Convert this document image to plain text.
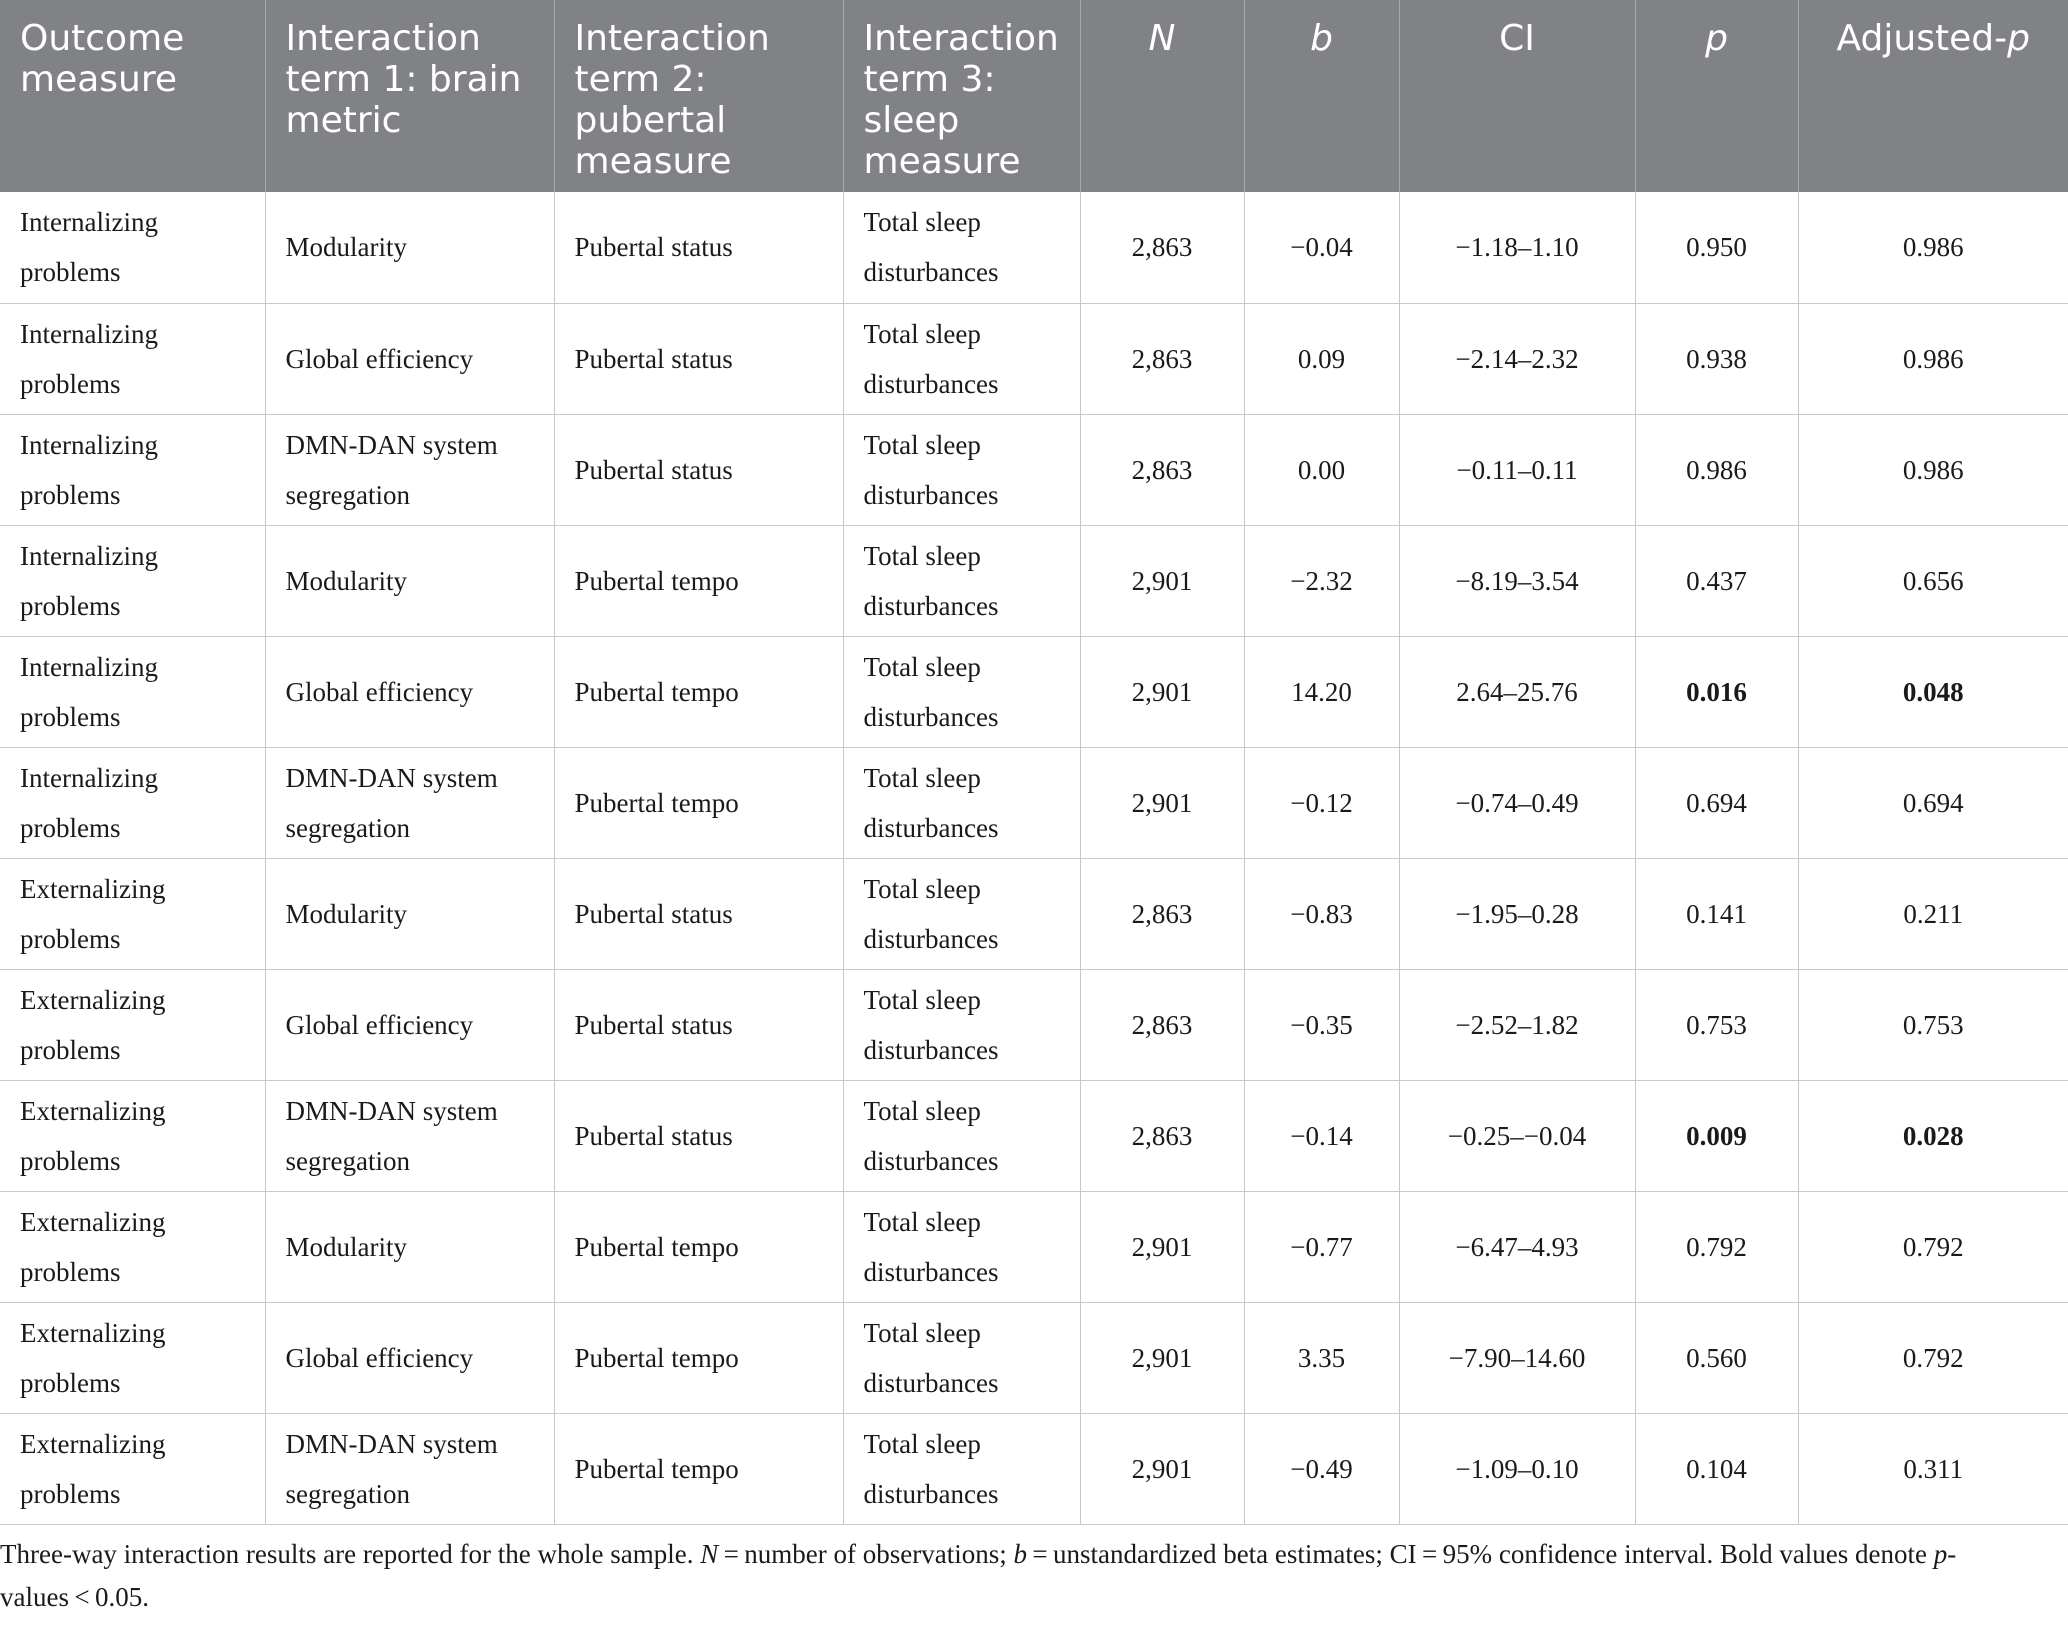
Outcome measure	Interaction term 1: brain metric	Interaction term 2: pubertal measure	Interaction term 3: sleep measure	N	b	CI	p	Adjusted-p
Internalizing problems	Modularity	Pubertal status	Total sleep disturbances	2,863	−0.04	−1.18–1.10	0.950	0.986
Internalizing problems	Global efficiency	Pubertal status	Total sleep disturbances	2,863	0.09	−2.14–2.32	0.938	0.986
Internalizing problems	DMN-DAN system segregation	Pubertal status	Total sleep disturbances	2,863	0.00	−0.11–0.11	0.986	0.986
Internalizing problems	Modularity	Pubertal tempo	Total sleep disturbances	2,901	−2.32	−8.19–3.54	0.437	0.656
Internalizing problems	Global efficiency	Pubertal tempo	Total sleep disturbances	2,901	14.20	2.64–25.76	0.016	0.048
Internalizing problems	DMN-DAN system segregation	Pubertal tempo	Total sleep disturbances	2,901	−0.12	−0.74–0.49	0.694	0.694
Externalizing problems	Modularity	Pubertal status	Total sleep disturbances	2,863	−0.83	−1.95–0.28	0.141	0.211
Externalizing problems	Global efficiency	Pubertal status	Total sleep disturbances	2,863	−0.35	−2.52–1.82	0.753	0.753
Externalizing problems	DMN-DAN system segregation	Pubertal status	Total sleep disturbances	2,863	−0.14	−0.25–−0.04	0.009	0.028
Externalizing problems	Modularity	Pubertal tempo	Total sleep disturbances	2,901	−0.77	−6.47–4.93	0.792	0.792
Externalizing problems	Global efficiency	Pubertal tempo	Total sleep disturbances	2,901	3.35	−7.90–14.60	0.560	0.792
Externalizing problems	DMN-DAN system segregation	Pubertal tempo	Total sleep disturbances	2,901	−0.49	−1.09–0.10	0.104	0.311

Three-way interaction results are reported for the whole sample. N = number of observations; b = unstandardized beta estimates; CI = 95% confidence interval. Bold values denote p-values < 0.05.
